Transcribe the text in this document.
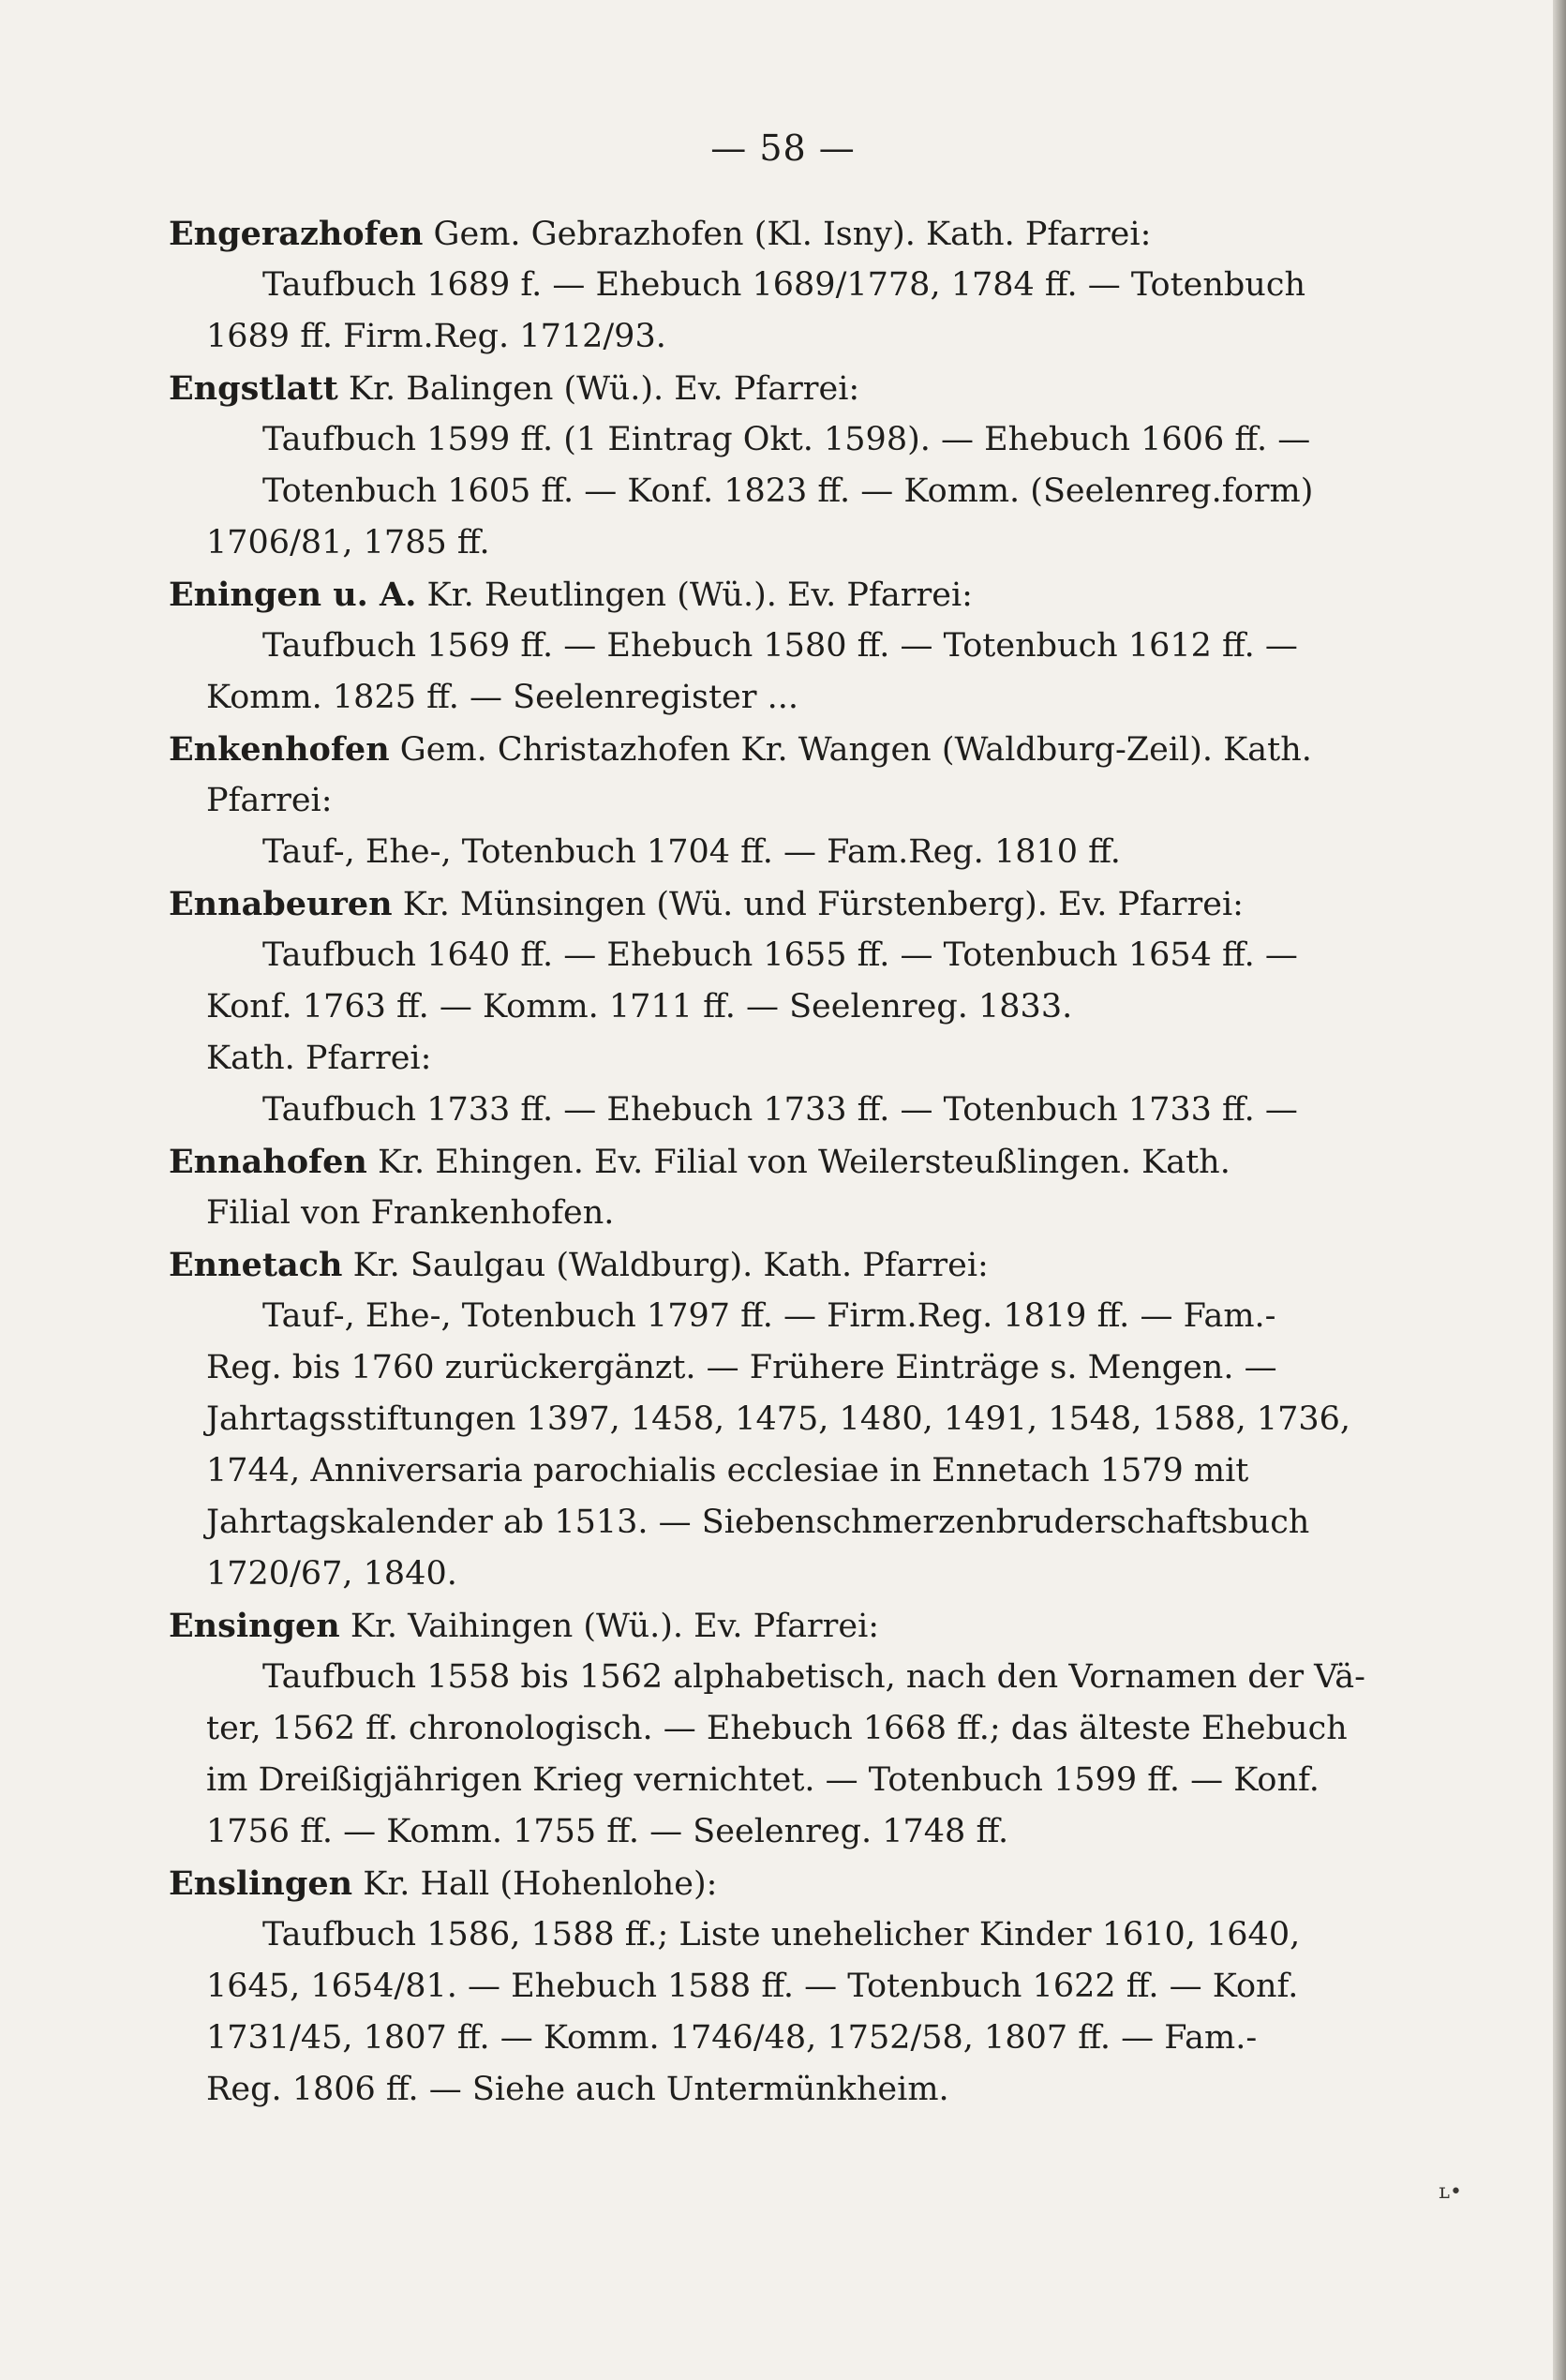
— 58 —
Engerazhofen Gem. Gebrazhofen (Kl. Isny). Kath. Pfarrei:
Taufbuch 1689 f. — Ehebuch 1689/1778, 1784 ff. — Totenbuch
1689 ff. Firm.Reg. 1712/93.
Engstlatt Kr. Balingen (Wü.). Ev. Pfarrei:
Taufbuch 1599 ff. (1 Eintrag Okt. 1598). — Ehebuch 1606 ff. —
Totenbuch 1605 ff. — Konf. 1823 ff. — Komm. (Seelenreg.form)
1706/81, 1785 ff.
Eningen u. A. Kr. Reutlingen (Wü.). Ev. Pfarrei:
Taufbuch 1569 ff. — Ehebuch 1580 ff. — Totenbuch 1612 ff. —
Komm. 1825 ff. — Seelenregister ...
Enkenhofen Gem. Christazhofen Kr. Wangen (Waldburg-Zeil). Kath.
Pfarrei:
Tauf-, Ehe-, Totenbuch 1704 ff. — Fam.Reg. 1810 ff.
Ennabeuren Kr. Münsingen (Wü. und Fürstenberg). Ev. Pfarrei:
Taufbuch 1640 ff. — Ehebuch 1655 ff. — Totenbuch 1654 ff. —
Konf. 1763 ff. — Komm. 1711 ff. — Seelenreg. 1833.
Kath. Pfarrei:
Taufbuch 1733 ff. — Ehebuch 1733 ff. — Totenbuch 1733 ff. —
Ennahofen Kr. Ehingen. Ev. Filial von Weilersteußlingen. Kath.
Filial von Frankenhofen.
Ennetach Kr. Saulgau (Waldburg). Kath. Pfarrei:
Tauf-, Ehe-, Totenbuch 1797 ff. — Firm.Reg. 1819 ff. — Fam.-
Reg. bis 1760 zurückergänzt. — Frühere Einträge s. Mengen. —
Jahrtagsstiftungen 1397, 1458, 1475, 1480, 1491, 1548, 1588, 1736,
1744, Anniversaria parochialis ecclesiae in Ennetach 1579 mit
Jahrtagskalender ab 1513. — Siebenschmerzenbruderschaftsbuch
1720/67, 1840.
Ensingen Kr. Vaihingen (Wü.). Ev. Pfarrei:
Taufbuch 1558 bis 1562 alphabetisch, nach den Vornamen der Vä-
ter, 1562 ff. chronologisch. — Ehebuch 1668 ff.; das älteste Ehebuch
im Dreißigjährigen Krieg vernichtet. — Totenbuch 1599 ff. — Konf.
1756 ff. — Komm. 1755 ff. — Seelenreg. 1748 ff.
Enslingen Kr. Hall (Hohenlohe):
Taufbuch 1586, 1588 ff.; Liste unehelicher Kinder 1610, 1640,
1645, 1654/81. — Ehebuch 1588 ff. — Totenbuch 1622 ff. — Konf.
1731/45, 1807 ff. — Komm. 1746/48, 1752/58, 1807 ff. — Fam.-
Reg. 1806 ff. — Siehe auch Untermünkheim.
ʟ•
